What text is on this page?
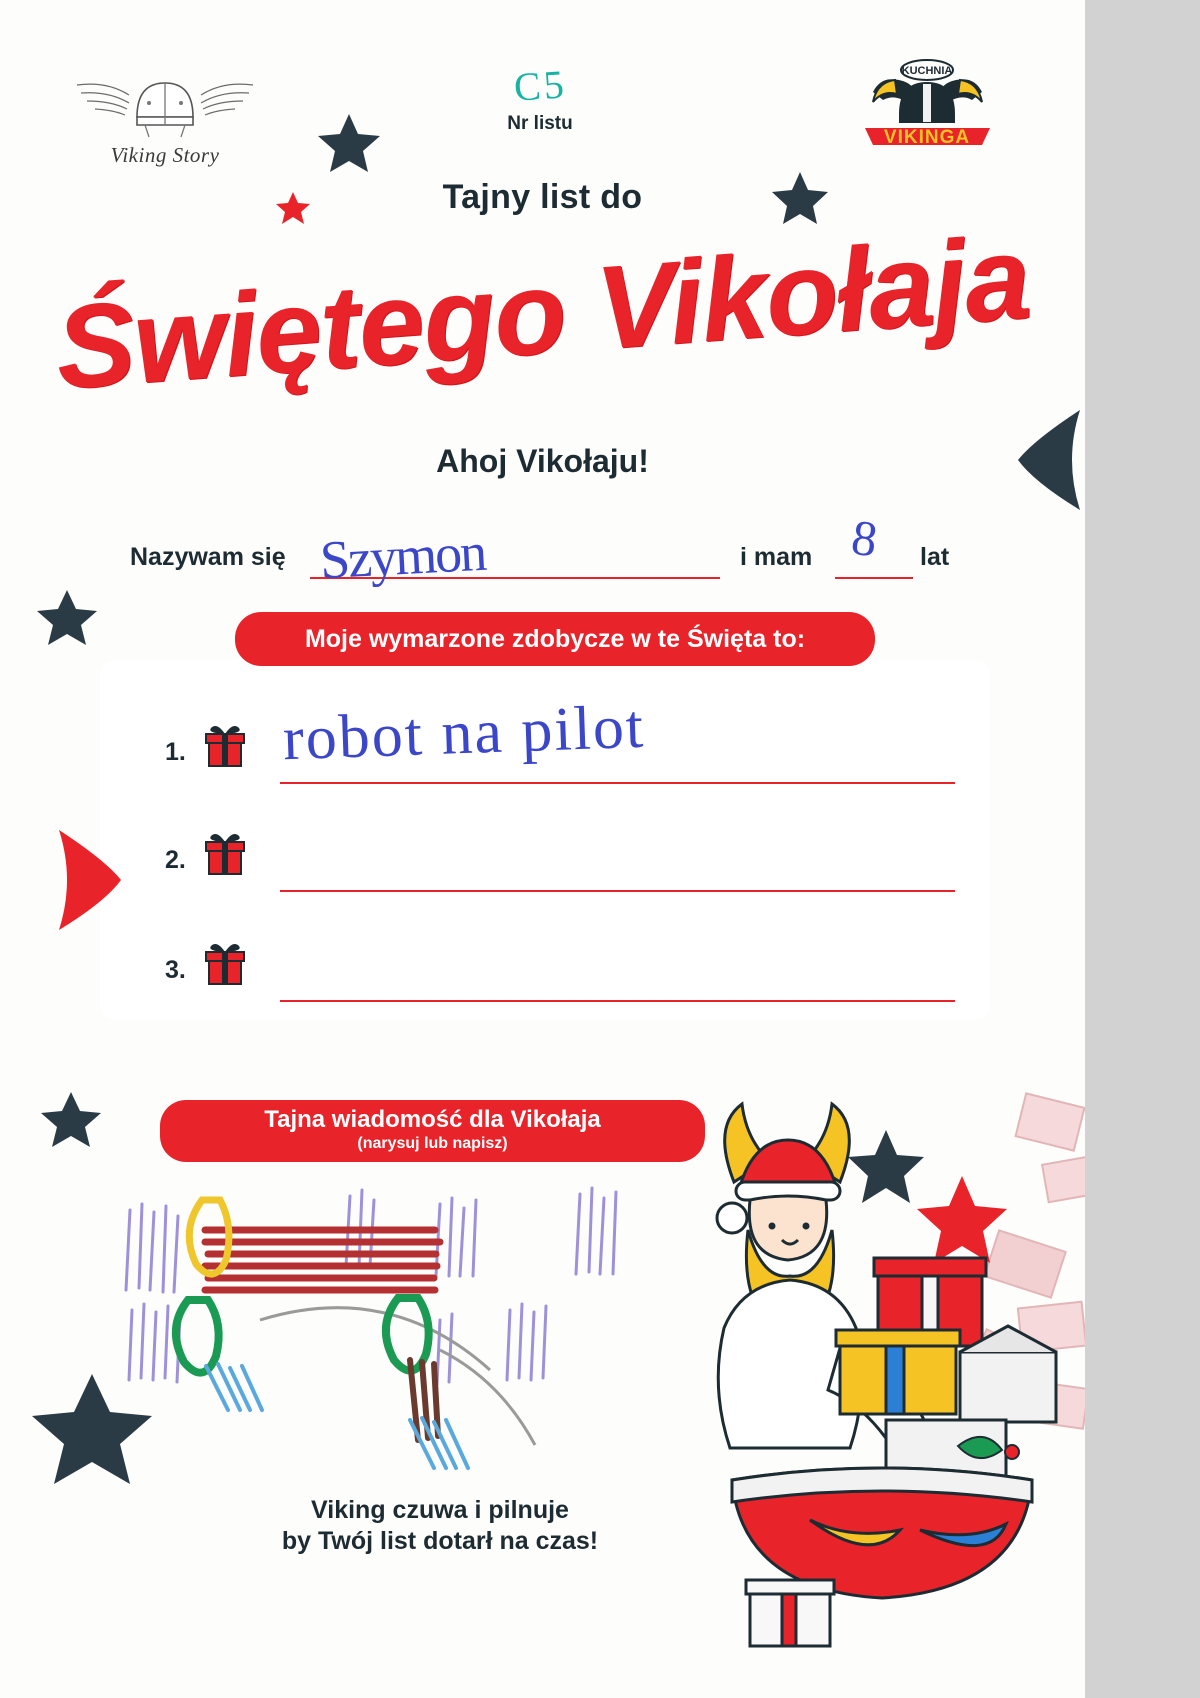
Viking Story
KUCHNIA
VIKINGA
C5
Nr listu
Tajny list do
Świętego Vikołaja
Ahoj Vikołaju!
Nazywam się Szymon	i mam 8 lat
Moje wymarzone zdobycze w te Święta to:
1. robot na pilot
2.
3.
Tajna wiadomość dla Vikołaja
(narysuj lub napisz)
Viking czuwa i pilnuje
by Twój list dotarł na czas!
